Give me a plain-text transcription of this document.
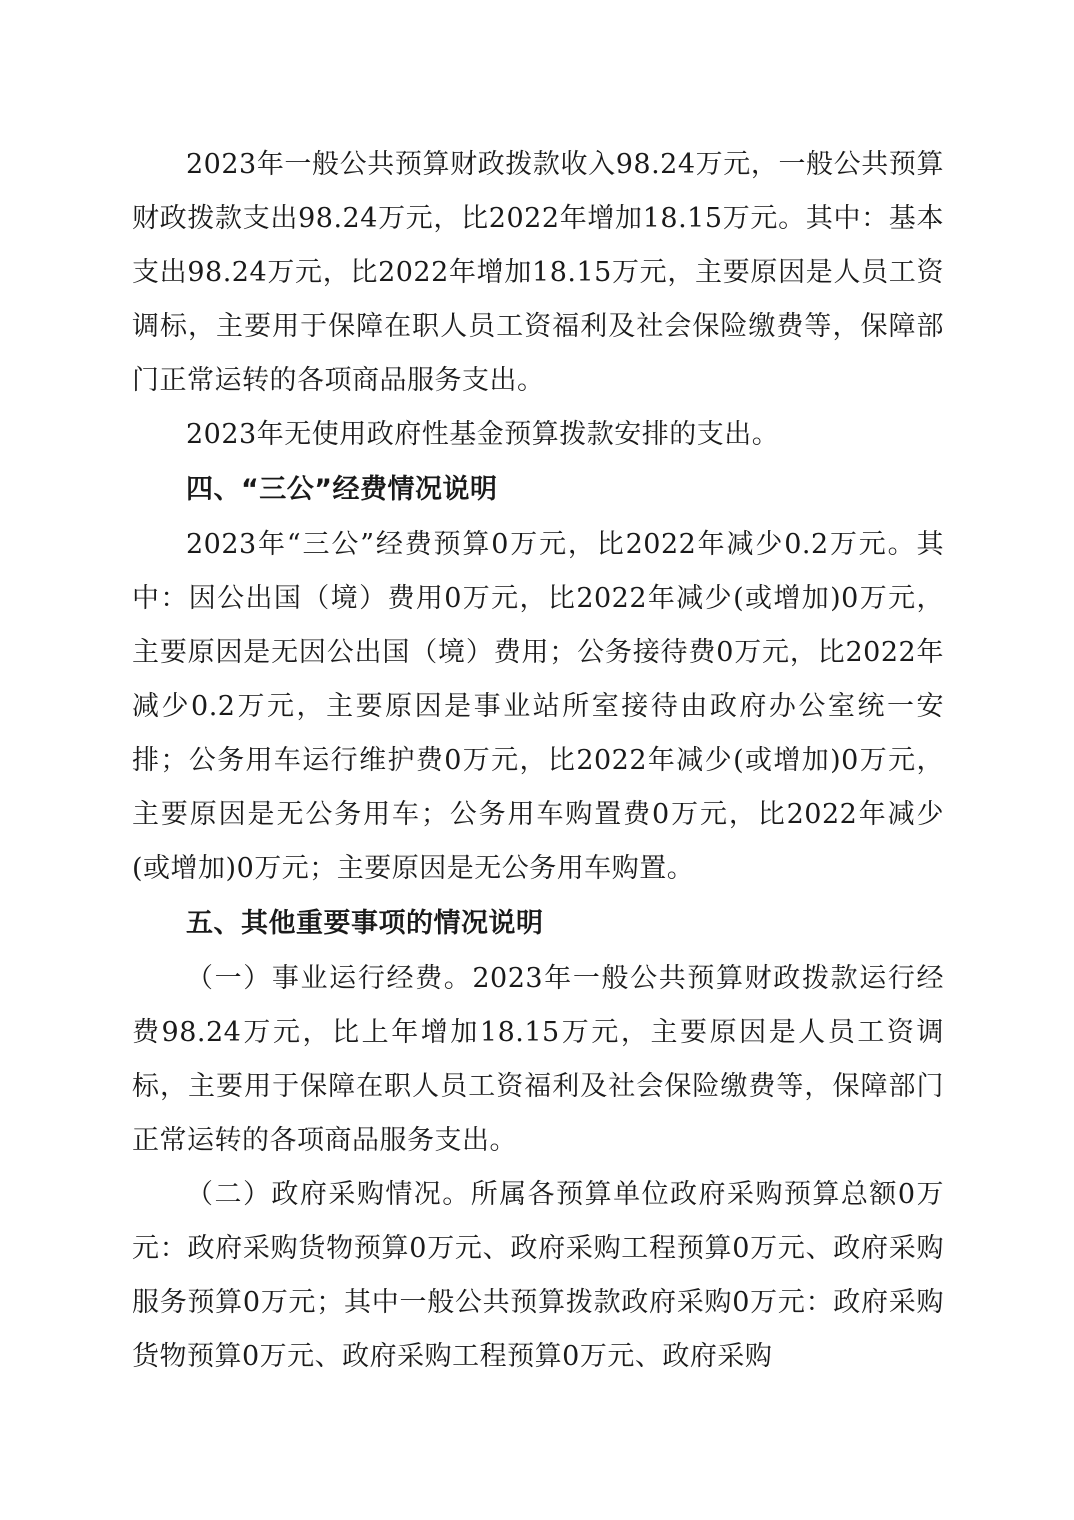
2023年一般公共预算财政拨款收入98.24万元，一般公共预算财政拨款支出98.24万元，比2022年增加18.15万元。其中：基本支出98.24万元，比2022年增加18.15万元，主要原因是人员工资调标，主要用于保障在职人员工资福利及社会保险缴费等，保障部门正常运转的各项商品服务支出。

2023年无使用政府性基金预算拨款安排的支出。

四、“三公”经费情况说明

2023年“三公”经费预算0万元，比2022年减少0.2万元。其中：因公出国（境）费用0万元，比2022年减少(或增加)0万元，主要原因是无因公出国（境）费用；公务接待费0万元，比2022年减少0.2万元，主要原因是事业站所室接待由政府办公室统一安排；公务用车运行维护费0万元，比2022年减少(或增加)0万元，主要原因是无公务用车；公务用车购置费0万元，比2022年减少(或增加)0万元；主要原因是无公务用车购置。

五、其他重要事项的情况说明

（一）事业运行经费。2023年一般公共预算财政拨款运行经费98.24万元，比上年增加18.15万元，主要原因是人员工资调标，主要用于保障在职人员工资福利及社会保险缴费等，保障部门正常运转的各项商品服务支出。

（二）政府采购情况。所属各预算单位政府采购预算总额0万元：政府采购货物预算0万元、政府采购工程预算0万元、政府采购服务预算0万元；其中一般公共预算拨款政府采购0万元：政府采购货物预算0万元、政府采购工程预算0万元、政府采购
